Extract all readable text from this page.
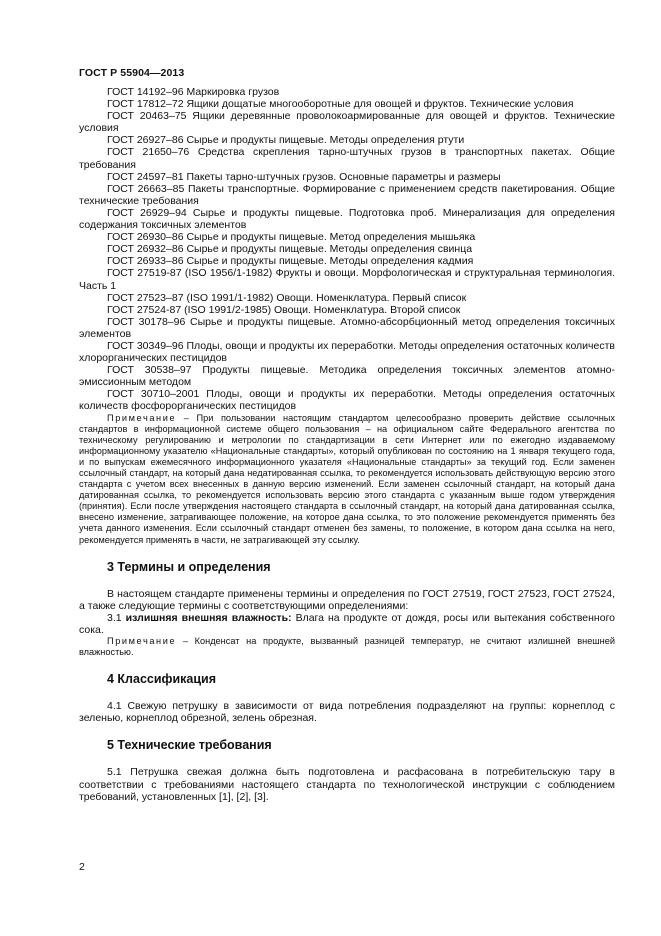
ГОСТ Р 55904—2013

ГОСТ 14192–96 Маркировка грузов

ГОСТ 17812–72 Ящики дощатые многооборотные для овощей и фруктов. Технические условия

ГОСТ 20463–75 Ящики деревянные проволокоармированные для овощей и фруктов. Технические условия

ГОСТ 26927–86 Сырье и продукты пищевые. Методы определения ртути

ГОСТ 21650–76 Средства скрепления тарно-штучных грузов в транспортных пакетах. Общие требования

ГОСТ 24597–81 Пакеты тарно-штучных грузов. Основные параметры и размеры

ГОСТ 26663–85 Пакеты транспортные. Формирование с применением средств пакетирования. Общие технические требования

ГОСТ 26929–94 Сырье и продукты пищевые. Подготовка проб. Минерализация для определения содержания токсичных элементов

ГОСТ 26930–86 Сырье и продукты пищевые. Метод определения мышьяка

ГОСТ 26932–86 Сырье и продукты пищевые. Методы определения свинца

ГОСТ 26933–86 Сырье и продукты пищевые. Методы определения кадмия

ГОСТ 27519-87 (ISO 1956/1-1982) Фрукты и овощи. Морфологическая и структуральная терминология. Часть 1

ГОСТ 27523–87 (ISO 1991/1-1982) Овощи. Номенклатура. Первый список

ГОСТ 27524-87 (ISO 1991/2-1985) Овощи. Номенклатура. Второй список

ГОСТ 30178–96 Сырье и продукты пищевые. Атомно-абсорбционный метод определения токсичных элементов

ГОСТ 30349–96 Плоды, овощи и продукты их переработки. Методы определения остаточных количеств хлорорганических пестицидов

ГОСТ 30538–97 Продукты пищевые. Методика определения токсичных элементов атомно-эмиссионным методом

ГОСТ 30710–2001 Плоды, овощи и продукты их переработки. Методы определения остаточных количеств фосфорорганических пестицидов

Примечание – При пользовании настоящим стандартом целесообразно проверить действие ссылочных стандартов в информационной системе общего пользования – на официальном сайте Федерального агентства по техническому регулированию и метрологии по стандартизации в сети Интернет или по ежегодно издаваемому информационному указателю «Национальные стандарты», который опубликован по состоянию на 1 января текущего года, и по выпускам ежемесячного информационного указателя «Национальные стандарты» за текущий год. Если заменен ссылочный стандарт, на который дана недатированная ссылка, то рекомендуется использовать действующую версию этого стандарта с учетом всех внесенных в данную версию изменений. Если заменен ссылочный стандарт, на который дана датированная ссылка, то рекомендуется использовать версию этого стандарта с указанным выше годом утверждения (принятия). Если после утверждения настоящего стандарта в ссылочный стандарт, на который дана датированная ссылка, внесено изменение, затрагивающее положение, на которое дана ссылка, то это положение рекомендуется применять без учета данного изменения. Если ссылочный стандарт отменен без замены, то положение, в котором дана ссылка на него, рекомендуется применять в части, не затрагивающей эту ссылку.

3 Термины и определения

В настоящем стандарте применены термины и определения по ГОСТ 27519, ГОСТ 27523, ГОСТ 27524, а также следующие термины с соответствующими определениями:

3.1 излишняя внешняя влажность: Влага на продукте от дождя, росы или вытекания собственного сока.

Примечание – Конденсат на продукте, вызванный разницей температур, не считают излишней внешней влажностью.

4 Классификация

4.1 Свежую петрушку в зависимости от вида потребления подразделяют на группы: корнеплод с зеленью, корнеплод обрезной, зелень обрезная.

5 Технические требования

5.1 Петрушка свежая должна быть подготовлена и расфасована в потребительскую тару в соответствии с требованиями настоящего стандарта по технологической инструкции с соблюдением требований, установленных [1], [2], [3].

2
